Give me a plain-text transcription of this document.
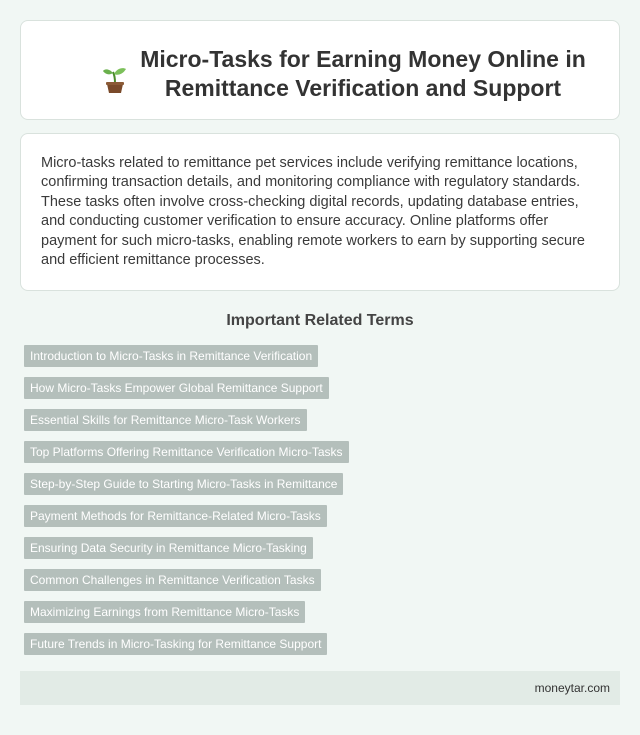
Micro-Tasks for Earning Money Online in Remittance Verification and Support

Micro-tasks related to remittance pet services include verifying remittance locations, confirming transaction details, and monitoring compliance with regulatory standards. These tasks often involve cross-checking digital records, updating database entries, and conducting customer verification to ensure accuracy. Online platforms offer payment for such micro-tasks, enabling remote workers to earn by supporting secure and efficient remittance processes.

Important Related Terms
Introduction to Micro-Tasks in Remittance Verification
How Micro-Tasks Empower Global Remittance Support
Essential Skills for Remittance Micro-Task Workers
Top Platforms Offering Remittance Verification Micro-Tasks
Step-by-Step Guide to Starting Micro-Tasks in Remittance
Payment Methods for Remittance-Related Micro-Tasks
Ensuring Data Security in Remittance Micro-Tasking
Common Challenges in Remittance Verification Tasks
Maximizing Earnings from Remittance Micro-Tasks
Future Trends in Micro-Tasking for Remittance Support
moneytar.com
